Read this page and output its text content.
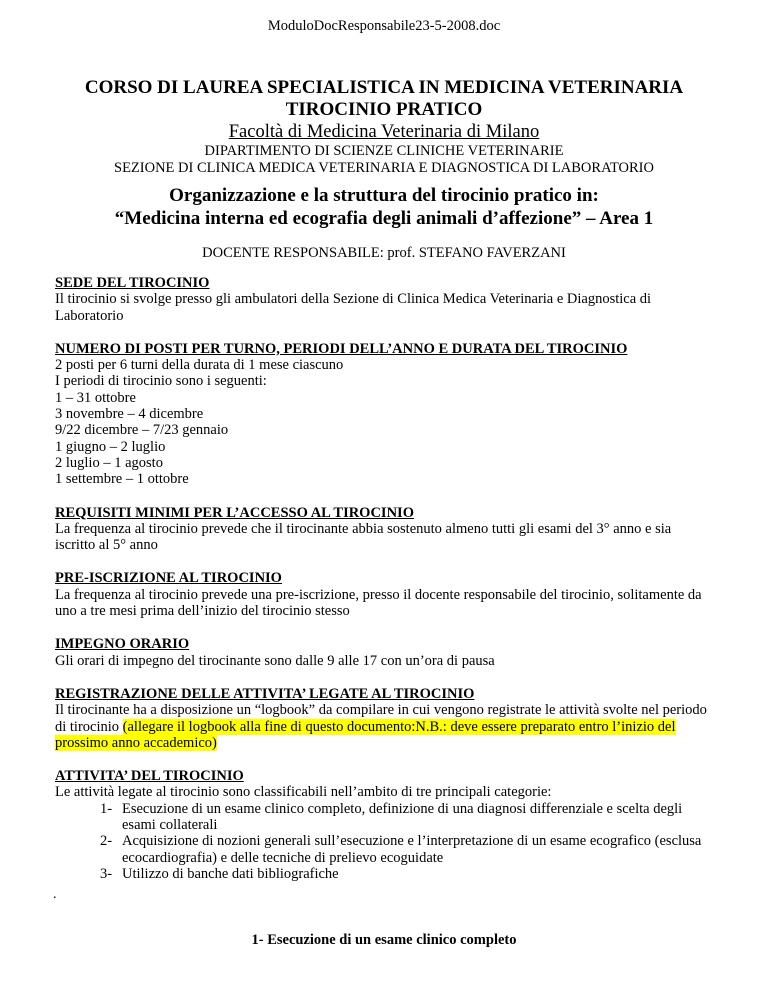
ModuloDocResponsabile23-5-2008.doc
CORSO DI LAUREA SPECIALISTICA IN MEDICINA VETERINARIA
TIROCINIO PRATICO
Facoltà di Medicina Veterinaria di Milano
DIPARTIMENTO DI SCIENZE CLINICHE VETERINARIE
SEZIONE DI CLINICA MEDICA VETERINARIA E DIAGNOSTICA DI LABORATORIO
Organizzazione e la struttura del tirocinio pratico in:
“Medicina interna ed ecografia degli animali d’affezione” – Area 1
DOCENTE RESPONSABILE: prof. STEFANO FAVERZANI
SEDE DEL TIROCINIO
Il tirocinio si svolge presso gli ambulatori della Sezione di Clinica Medica Veterinaria e Diagnostica di Laboratorio
NUMERO DI POSTI PER TURNO, PERIODI DELL’ANNO E DURATA DEL TIROCINIO
2 posti per 6 turni della durata di 1 mese ciascuno
I periodi di tirocinio sono i seguenti:
1 – 31 ottobre
3 novembre – 4 dicembre
9/22 dicembre – 7/23 gennaio
1 giugno – 2 luglio
2 luglio – 1 agosto
1 settembre – 1 ottobre
REQUISITI MINIMI PER L’ACCESSO AL TIROCINIO
La frequenza al tirocinio prevede che il tirocinante abbia sostenuto almeno tutti gli esami del 3° anno e sia iscritto al 5° anno
PRE-ISCRIZIONE AL TIROCINIO
La frequenza al tirocinio prevede una pre-iscrizione, presso il docente responsabile del tirocinio, solitamente da uno a tre mesi prima dell’inizio del tirocinio stesso
IMPEGNO ORARIO
Gli orari di impegno del tirocinante sono dalle 9 alle 17 con un’ora di pausa
REGISTRAZIONE DELLE ATTIVITA’ LEGATE AL TIROCINIO
Il tirocinante ha a disposizione un “logbook” da compilare in cui vengono registrate le attività svolte nel periodo di tirocinio (allegare il logbook alla fine di questo documento:N.B.: deve essere preparato entro l’inizio del prossimo anno accademico)
ATTIVITA’ DEL TIROCINIO
Le attività legate al tirocinio sono classificabili nell’ambito di tre principali categorie:
1- Esecuzione di un esame clinico completo, definizione di una diagnosi differenziale e scelta degli esami collaterali
2- Acquisizione di nozioni generali sull’esecuzione e l’interpretazione di un esame ecografico (esclusa ecocardiografia) e delle tecniche di prelievo ecoguidate
3- Utilizzo di banche dati bibliografiche
.
1- Esecuzione di un esame clinico completo
